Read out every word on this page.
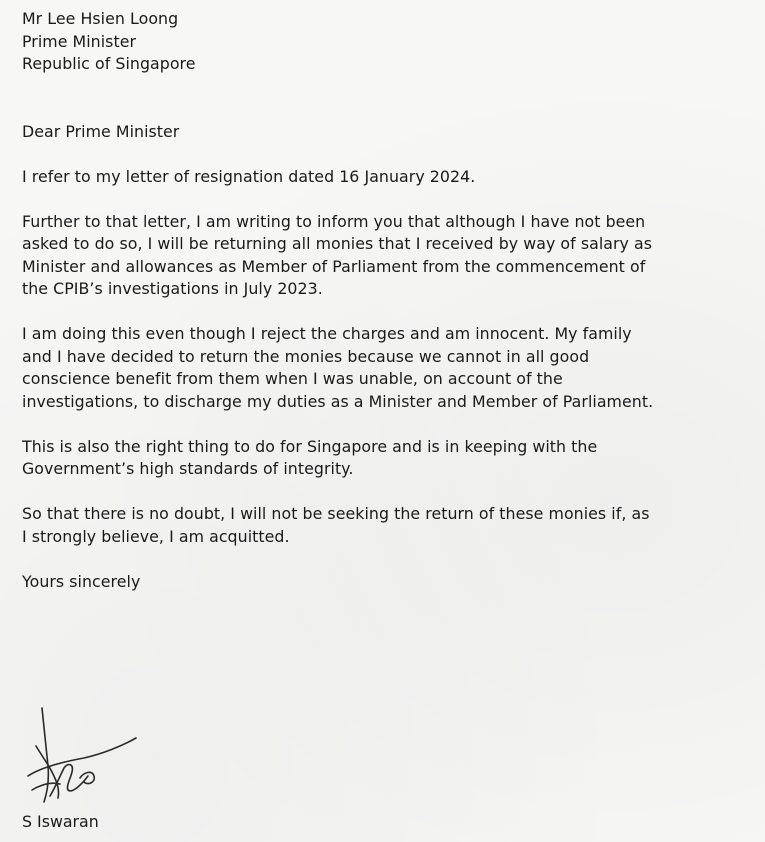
Mr Lee Hsien Loong
Prime Minister
Republic of Singapore
Dear Prime Minister
I refer to my letter of resignation dated 16 January 2024.
Further to that letter, I am writing to inform you that although I have not been
asked to do so, I will be returning all monies that I received by way of salary as
Minister and allowances as Member of Parliament from the commencement of
the CPIB’s investigations in July 2023.
I am doing this even though I reject the charges and am innocent. My family
and I have decided to return the monies because we cannot in all good
conscience benefit from them when I was unable, on account of the
investigations, to discharge my duties as a Minister and Member of Parliament.
This is also the right thing to do for Singapore and is in keeping with the
Government’s high standards of integrity.
So that there is no doubt, I will not be seeking the return of these monies if, as
I strongly believe, I am acquitted.
Yours sincerely
S Iswaran
